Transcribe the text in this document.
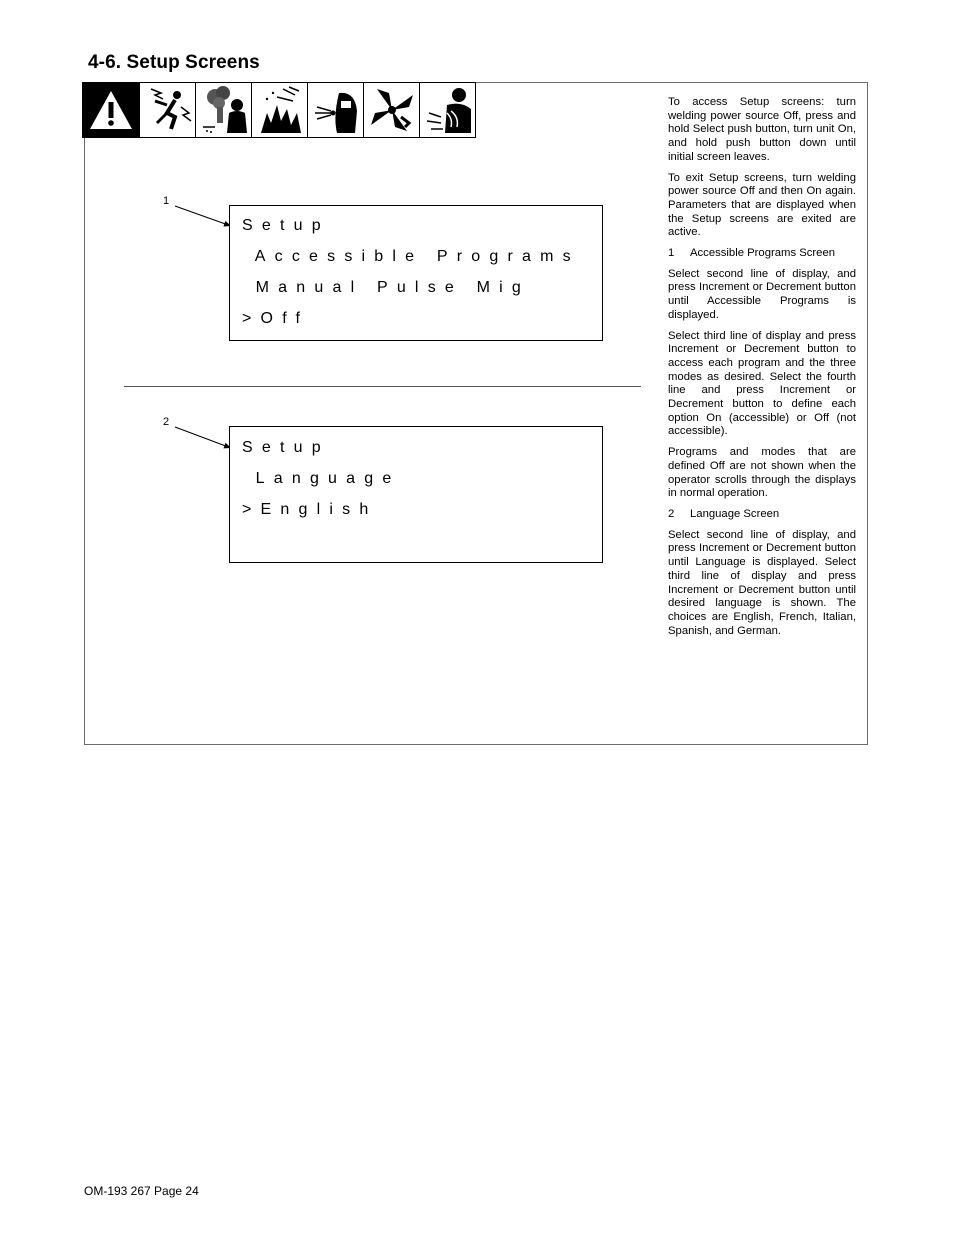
4-6. Setup Screens
1
2
Setup
Accessible Programs
Manual Pulse Mig
>Off
Setup
Language
>English

To access Setup screens: turn welding power source Off, press and hold Select push button, turn unit On, and hold push button down until initial screen leaves.

To exit Setup screens, turn welding power source Off and then On again. Parameters that are displayed when the Setup screens are exited are active.

1 Accessible Programs Screen

Select second line of display, and press Increment or Decrement button until Accessible Programs is displayed.

Select third line of display and press Increment or Decrement button to access each program and the three modes as desired. Select the fourth line and press Increment or Decrement button to define each option On (accessible) or Off (not accessible).

Programs and modes that are defined Off are not shown when the operator scrolls through the displays in normal operation.

2 Language Screen

Select second line of display, and press Increment or Decrement button until Language is displayed. Select third line of display and press Increment or Decrement button until desired language is shown. The choices are English, French, Italian, Spanish, and German.

OM-193 267 Page 24
